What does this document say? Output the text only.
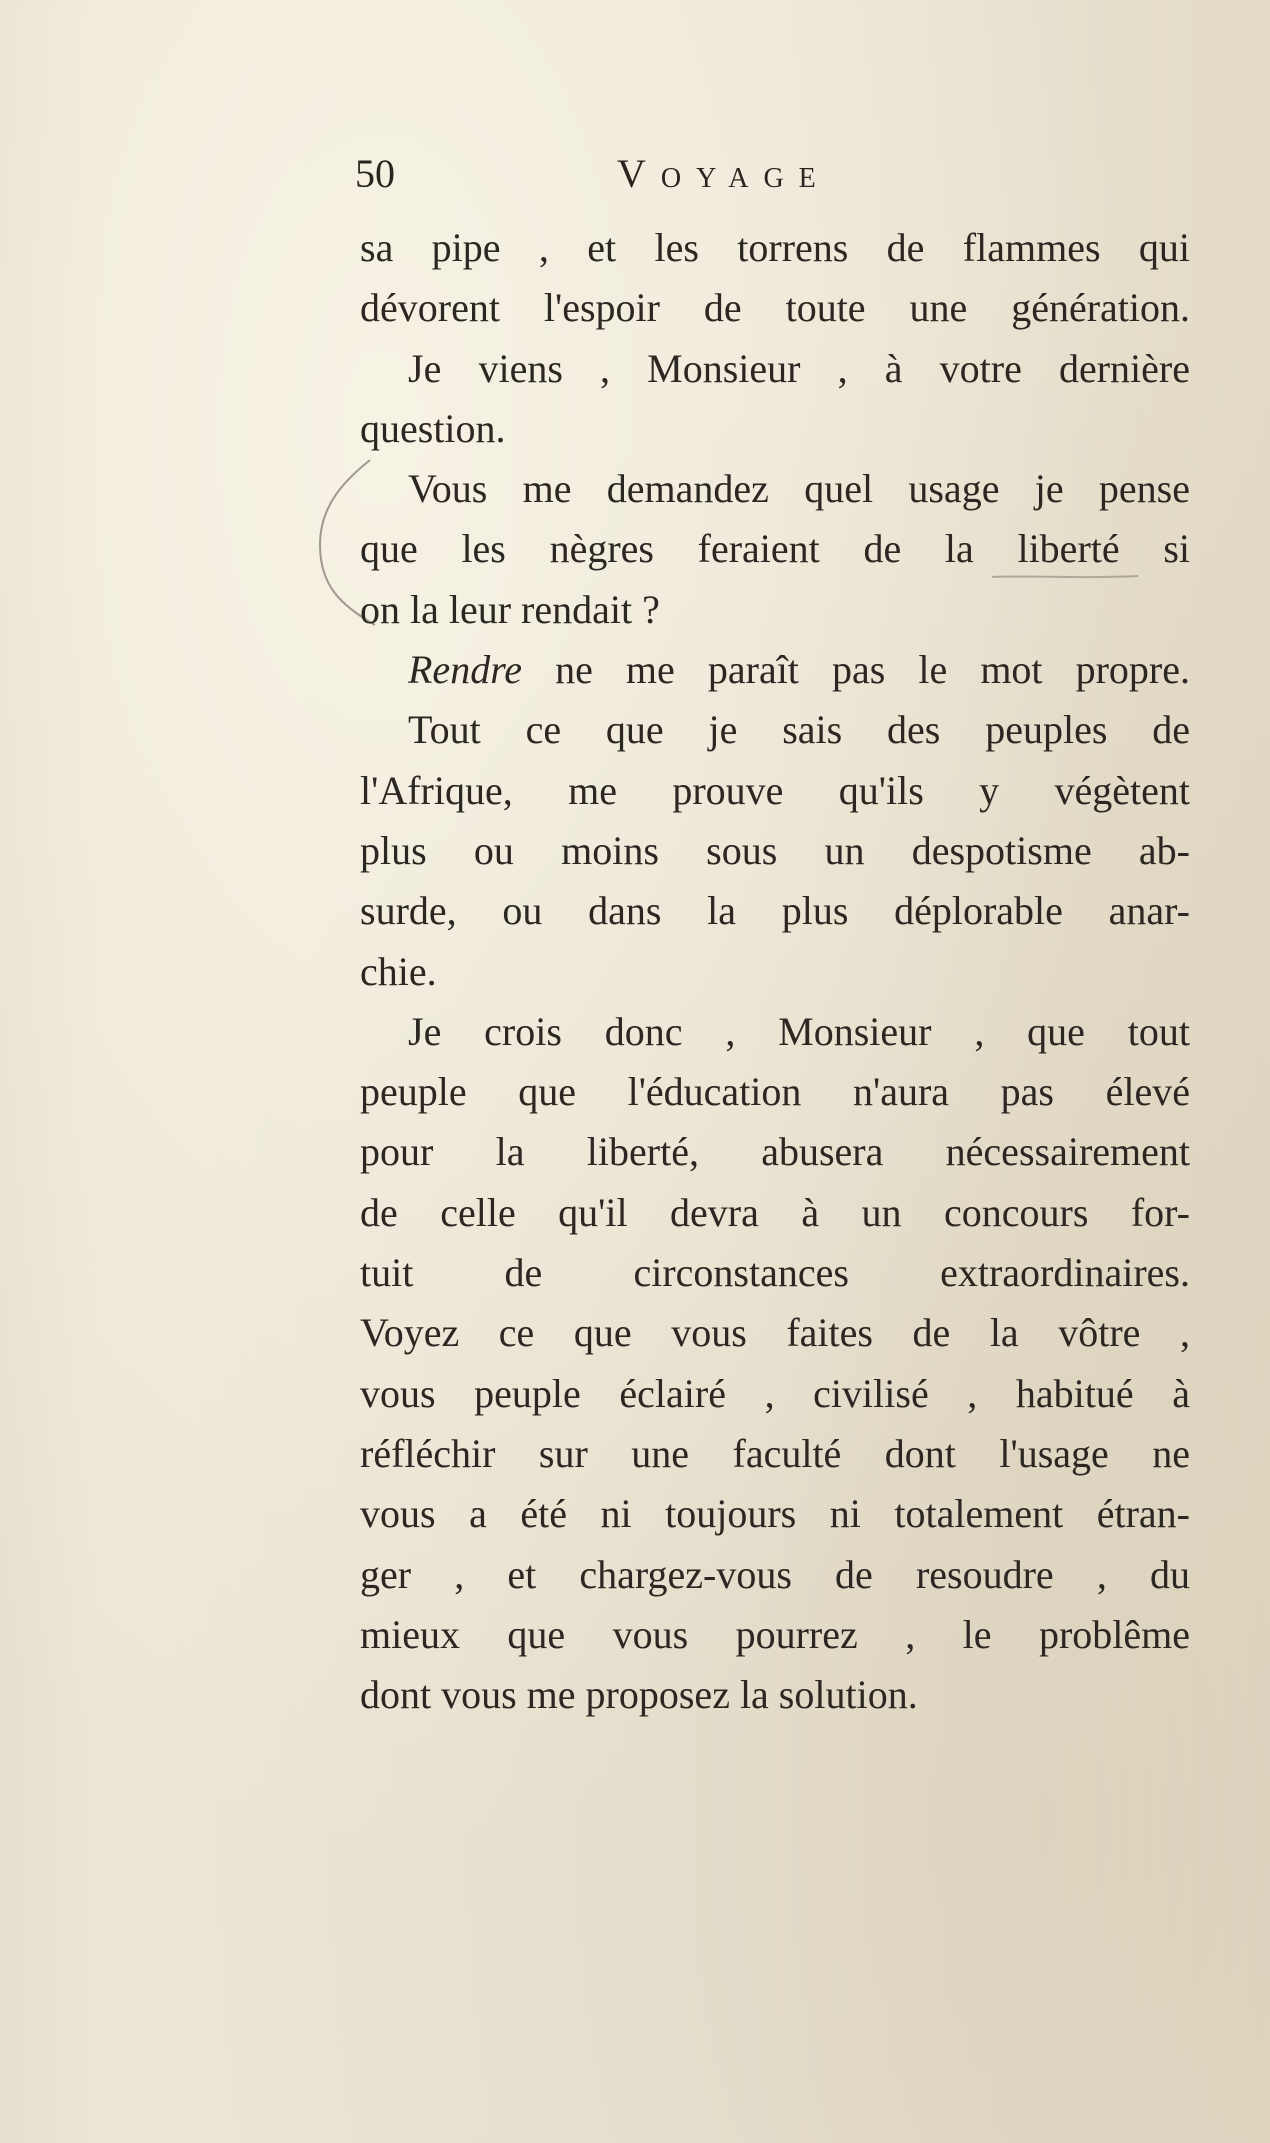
50	Voyage
sa pipe , et les torrens de flammes qui
dévorent l'espoir de toute une génération.
Je viens , Monsieur , à votre dernière
question.
Vous me demandez quel usage je pense
que les nègres feraient de la liberté si
on la leur rendait ?
Rendre ne me paraît pas le mot propre.
Tout ce que je sais des peuples de
l'Afrique, me prouve qu'ils y végètent
plus ou moins sous un despotisme ab-
surde, ou dans la plus déplorable anar-
chie.
Je crois donc , Monsieur , que tout
peuple que l'éducation n'aura pas élevé
pour la liberté, abusera nécessairement
de celle qu'il devra à un concours for-
tuit de circonstances extraordinaires.
Voyez ce que vous faites de la vôtre ,
vous peuple éclairé , civilisé , habitué à
réfléchir sur une faculté dont l'usage ne
vous a été ni toujours ni totalement étran-
ger , et chargez-vous de resoudre , du
mieux que vous pourrez , le problême
dont vous me proposez la solution.
